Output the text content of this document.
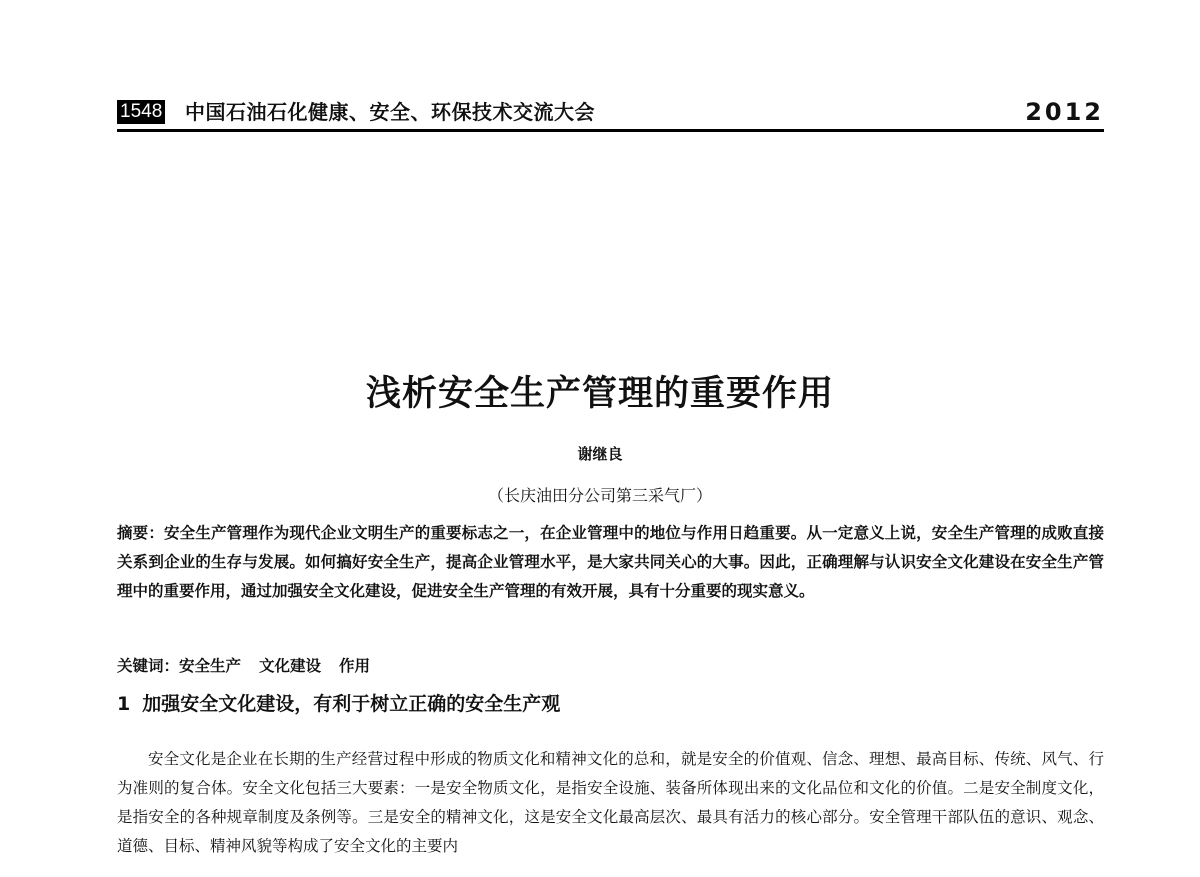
1548 中国石油石化健康、安全、环保技术交流大会	2012
浅析安全生产管理的重要作用
谢继良
（长庆油田分公司第三采气厂）

摘要：安全生产管理作为现代企业文明生产的重要标志之一，在企业管理中的地位与作用日趋重要。从一定意义上说，安全生产管理的成败直接关系到企业的生存与发展。如何搞好安全生产，提高企业管理水平，是大家共同关心的大事。因此，正确理解与认识安全文化建设在安全生产管理中的重要作用，通过加强安全文化建设，促进安全生产管理的有效开展，具有十分重要的现实意义。

关键词：安全生产 文化建设 作用
1 加强安全文化建设，有利于树立正确的安全生产观

安全文化是企业在长期的生产经营过程中形成的物质文化和精神文化的总和，就是安全的价值观、信念、理想、最高目标、传统、风气、行为准则的复合体。安全文化包括三大要素：一是安全物质文化，是指安全设施、装备所体现出来的文化品位和文化的价值。二是安全制度文化，是指安全的各种规章制度及条例等。三是安全的精神文化，这是安全文化最高层次、最具有活力的核心部分。安全管理干部队伍的意识、观念、道德、目标、精神风貌等构成了安全文化的主要内
